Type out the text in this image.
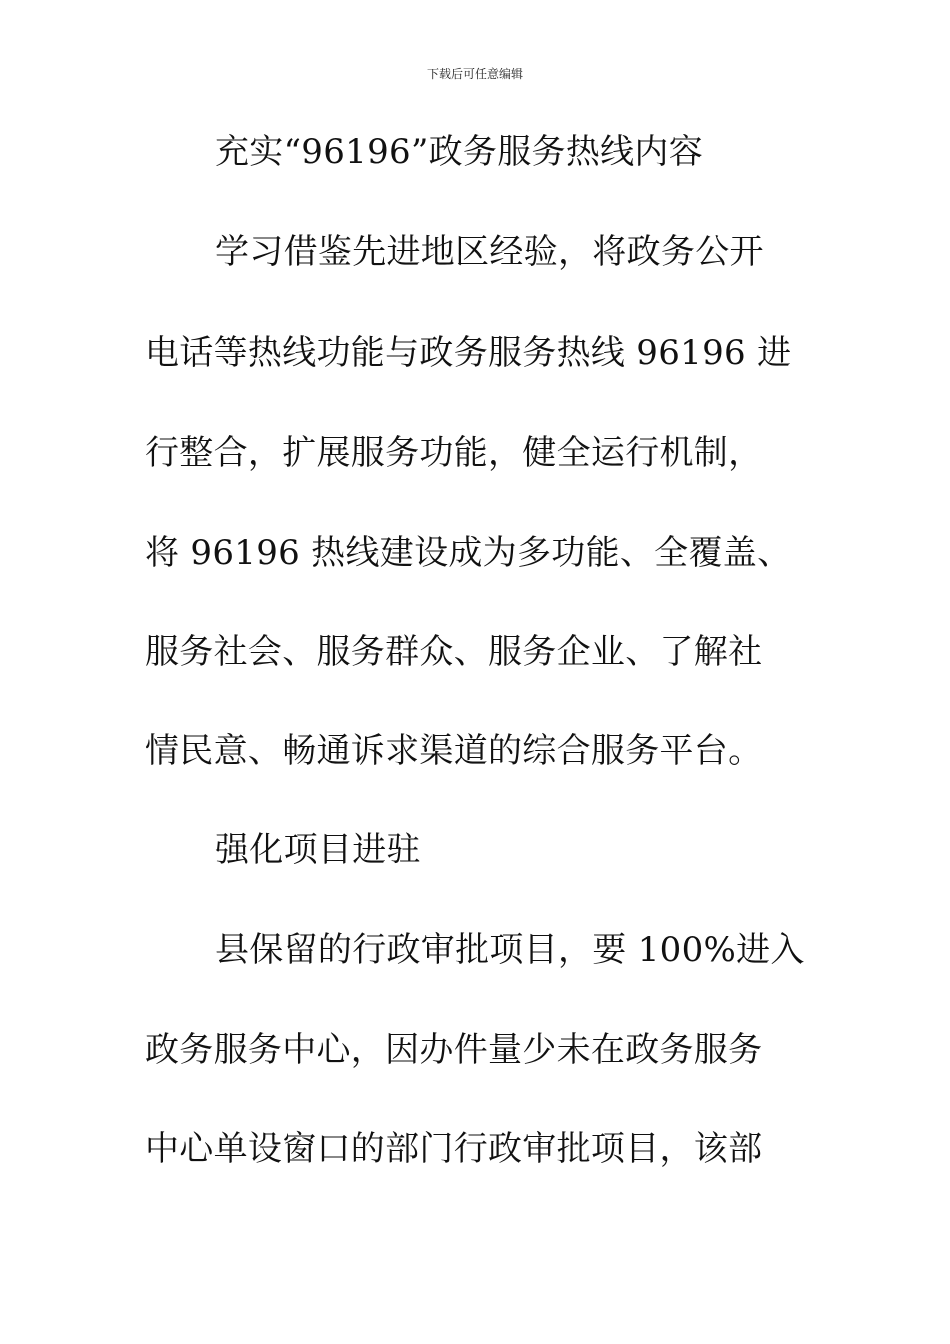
下载后可任意编辑
充实“96196”政务服务热线内容
学习借鉴先进地区经验，将政务公开
电话等热线功能与政务服务热线 96196 进
行整合，扩展服务功能，健全运行机制，
将 96196 热线建设成为多功能、全覆盖、
服务社会、服务群众、服务企业、了解社
情民意、畅通诉求渠道的综合服务平台。
强化项目进驻
县保留的行政审批项目，要 100%进入
政务服务中心，因办件量少未在政务服务
中心单设窗口的部门行政审批项目，该部
